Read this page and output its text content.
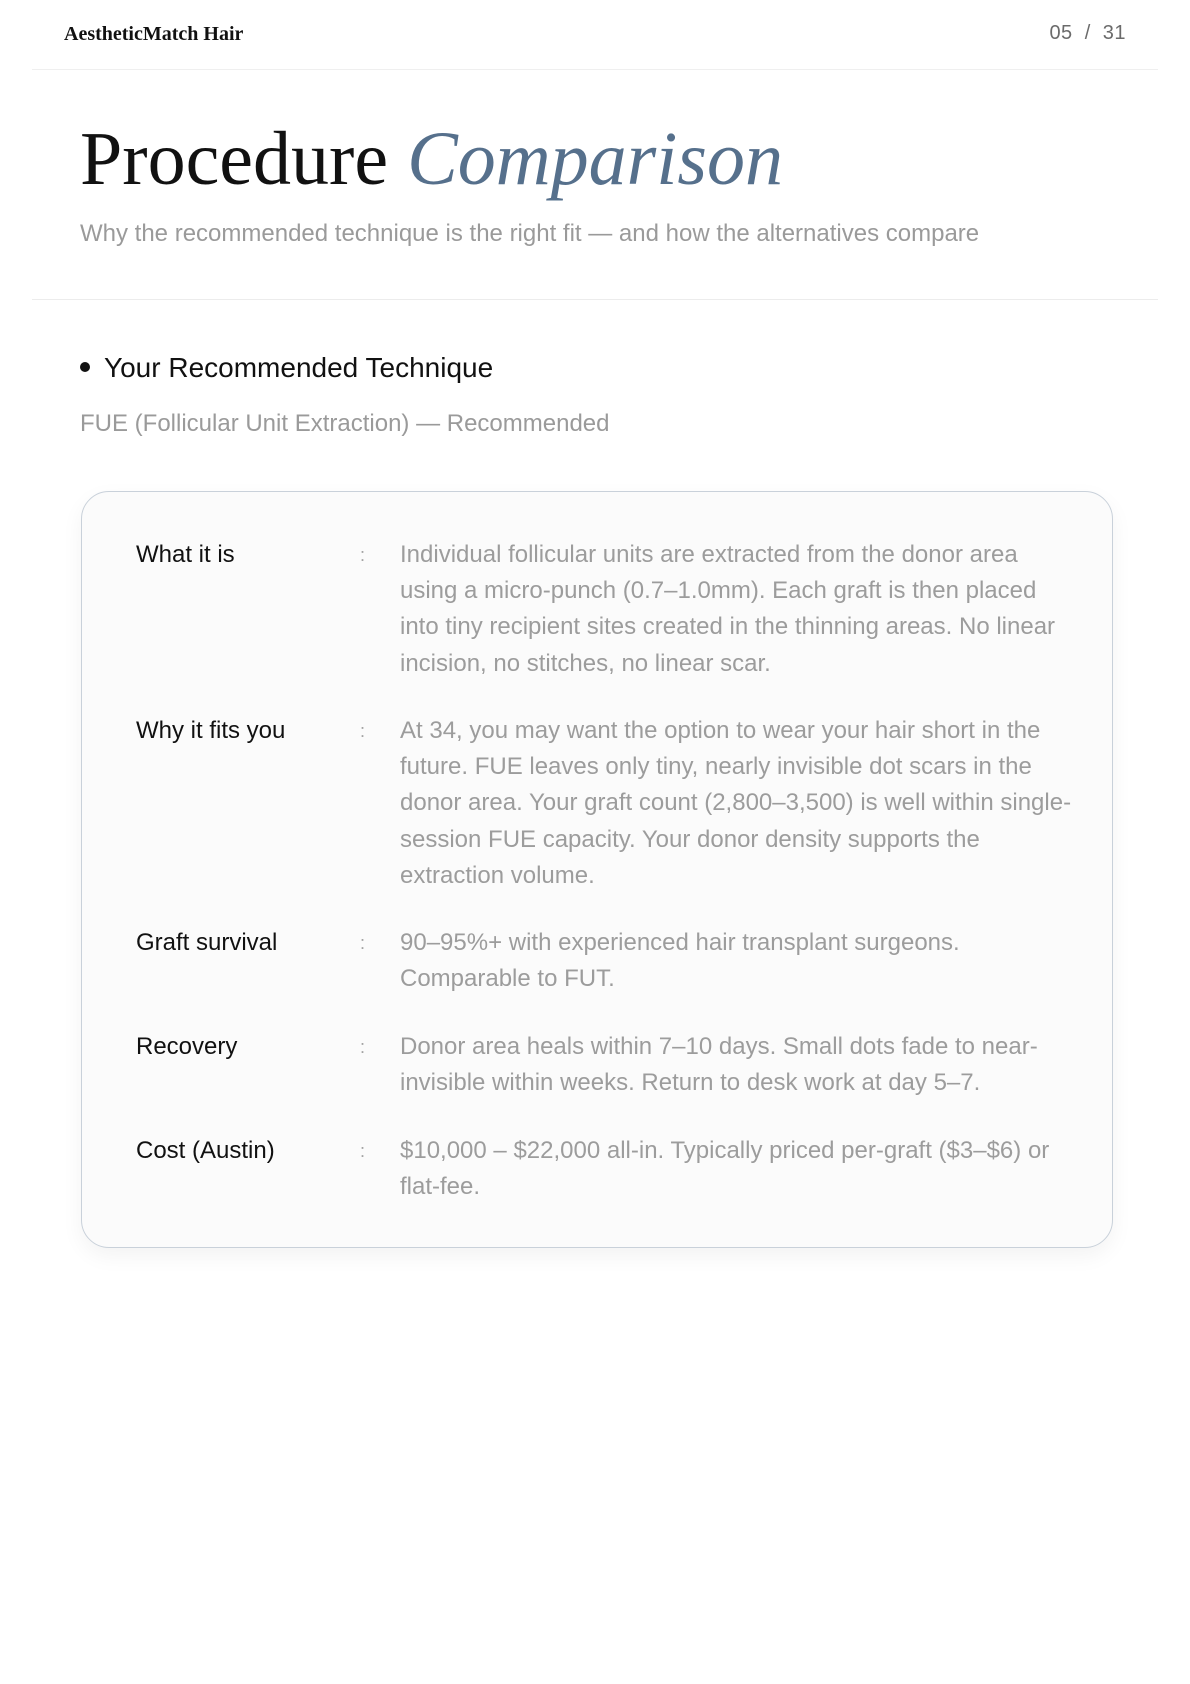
AestheticMatch Hair	05 / 31
Procedure Comparison
Why the recommended technique is the right fit — and how the alternatives compare
Your Recommended Technique
FUE (Follicular Unit Extraction) — Recommended
What it is	: Individual follicular units are extracted from the donor area using a micro-punch (0.7–1.0mm). Each graft is then placed into tiny recipient sites created in the thinning areas. No linear incision, no stitches, no linear scar.
Why it fits you	: At 34, you may want the option to wear your hair short in the future. FUE leaves only tiny, nearly invisible dot scars in the donor area. Your graft count (2,800–3,500) is well within single-session FUE capacity. Your donor density supports the extraction volume.
Graft survival	: 90–95%+ with experienced hair transplant surgeons. Comparable to FUT.
Recovery	: Donor area heals within 7–10 days. Small dots fade to near-invisible within weeks. Return to desk work at day 5–7.
Cost (Austin)	: $10,000 – $22,000 all-in. Typically priced per-graft ($3–$6) or flat-fee.
